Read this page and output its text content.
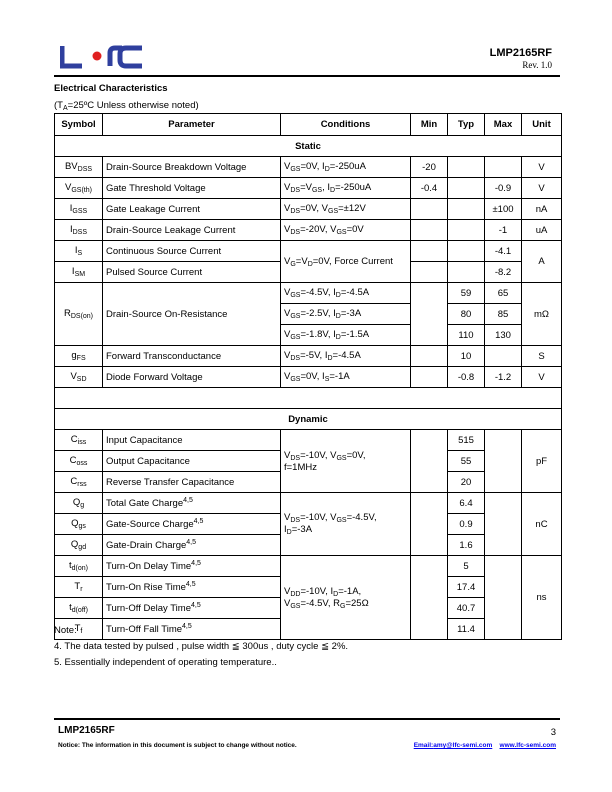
LMP2165RF
Rev. 1.0
Electrical Characteristics
($T_A=25ºC$ Unless otherwise noted)
Symbol	Parameter	Conditions	Min	Typ	Max	Unit
Static						
$BV_{DSS}$	Drain-Source Breakdown Voltage	$V_{GS}=0V$, $I_D=-250uA$	-20			V
$V_{GS(th)}$	Gate Threshold Voltage	$V_{DS}=V_{GS}$, $I_D=-250uA$	-0.4		-0.9	V
$I_{GSS}$	Gate Leakage Current	$V_{DS}=0V$, $V_{GS}=\pm 12V$			±100	nA
$I_{DSS}$	Drain-Source Leakage Current	$V_{DS}=-20V$, $V_{GS}=0V$			-1	uA
$I_S$	Continuous Source Current	$V_G=V_D=0V$, Force Current			-4.1	A
$I_{SM}$	Pulsed Source Current				-8.2	
$R_{DS(on)}$	Drain-Source On-Resistance	$V_{GS}=-4.5V$, $I_D=-4.5A$		59	65	mΩ
		$V_{GS}=-2.5V$, $I_D=-3A$		80	85	
		$V_{GS}=-1.8V$, $I_D=-1.5A$		110	130	
$g_{FS}$	Forward Transconductance	$V_{DS}=-5V$, $I_D=-4.5A$		10		S
$V_{SD}$	Diode Forward Voltage	$V_{GS}=0V$, $I_S=-1A$		-0.8	-1.2	V

Dynamic						
$C_{iss}$	Input Capacitance	$V_{DS}=-10V$, $V_{GS}=0V$,
f=1MHz		515		pF
$C_{oss}$	Output Capacitance			55		
$C_{rss}$	Reverse Transfer Capacitance			20		
$Q_g$	Total Gate Charge$^{4,5}$	$V_{DS}=-10V$, $V_{GS}=-4.5V$,
$I_D=-3A$		6.4		nC
$Q_{gs}$	Gate-Source Charge$^{4,5}$			0.9		
$Q_{gd}$	Gate-Drain Charge$^{4,5}$			1.6		
$t_{d(on)}$	Turn-On Delay Time$^{4,5}$	$V_{DD}=-10V$, $I_D=-1A$,
$V_{GS}=-4.5V$, $R_G=25\Omega$		5		ns
$T_r$	Turn-On Rise Time$^{4,5}$			17.4		
$t_{d(off)}$	Turn-Off Delay Time$^{4,5}$			40.7		
$T_f$	Turn-Off Fall Time$^{4,5}$			11.4		
Note:
4. The data tested by pulsed , pulse width ≦ 300us , duty cycle ≦ 2%.
5. Essentially independent of operating temperature..
LMP2165RF	3
Notice: The information in this document is subject to change without notice.	Email:amy@lfc-semi.com www.lfc-semi.com
